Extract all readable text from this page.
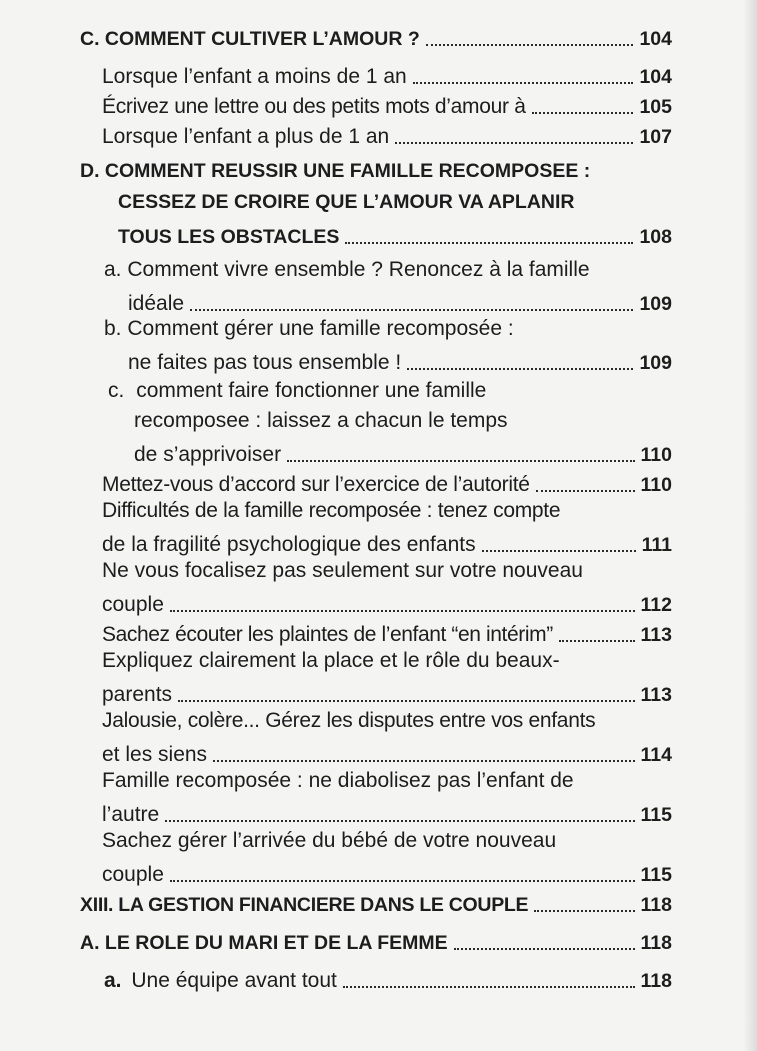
C. COMMENT CULTIVER L’AMOUR ?	104
Lorsque l’enfant a moins de 1 an	104
Écrivez une lettre ou des petits mots d’amour à	105
Lorsque l’enfant a plus de 1 an	107
D. COMMENT REUSSIR UNE FAMILLE RECOMPOSEE :
CESSEZ DE CROIRE QUE L’AMOUR VA APLANIR
TOUS LES OBSTACLES	108
a. Comment vivre ensemble ? Renoncez à la famille
idéale	109
b. Comment gérer une famille recomposée :
ne faites pas tous ensemble !	109
c. comment faire fonctionner une famille
recomposee : laissez a chacun le temps
de s’apprivoiser	110
Mettez-vous d’accord sur l’exercice de l’autorité	110
Difficultés de la famille recomposée : tenez compte
de la fragilité psychologique des enfants	111
Ne vous focalisez pas seulement sur votre nouveau
couple	112
Sachez écouter les plaintes de l’enfant “en intérim”	113
Expliquez clairement la place et le rôle du beaux-
parents	113
Jalousie, colère... Gérez les disputes entre vos enfants
et les siens	114
Famille recomposée : ne diabolisez pas l’enfant de
l’autre	115
Sachez gérer l’arrivée du bébé de votre nouveau
couple	115
XIII. LA GESTION FINANCIERE DANS LE COUPLE	118
A. LE ROLE DU MARI ET DE LA FEMME	118
a. Une équipe avant tout	118
